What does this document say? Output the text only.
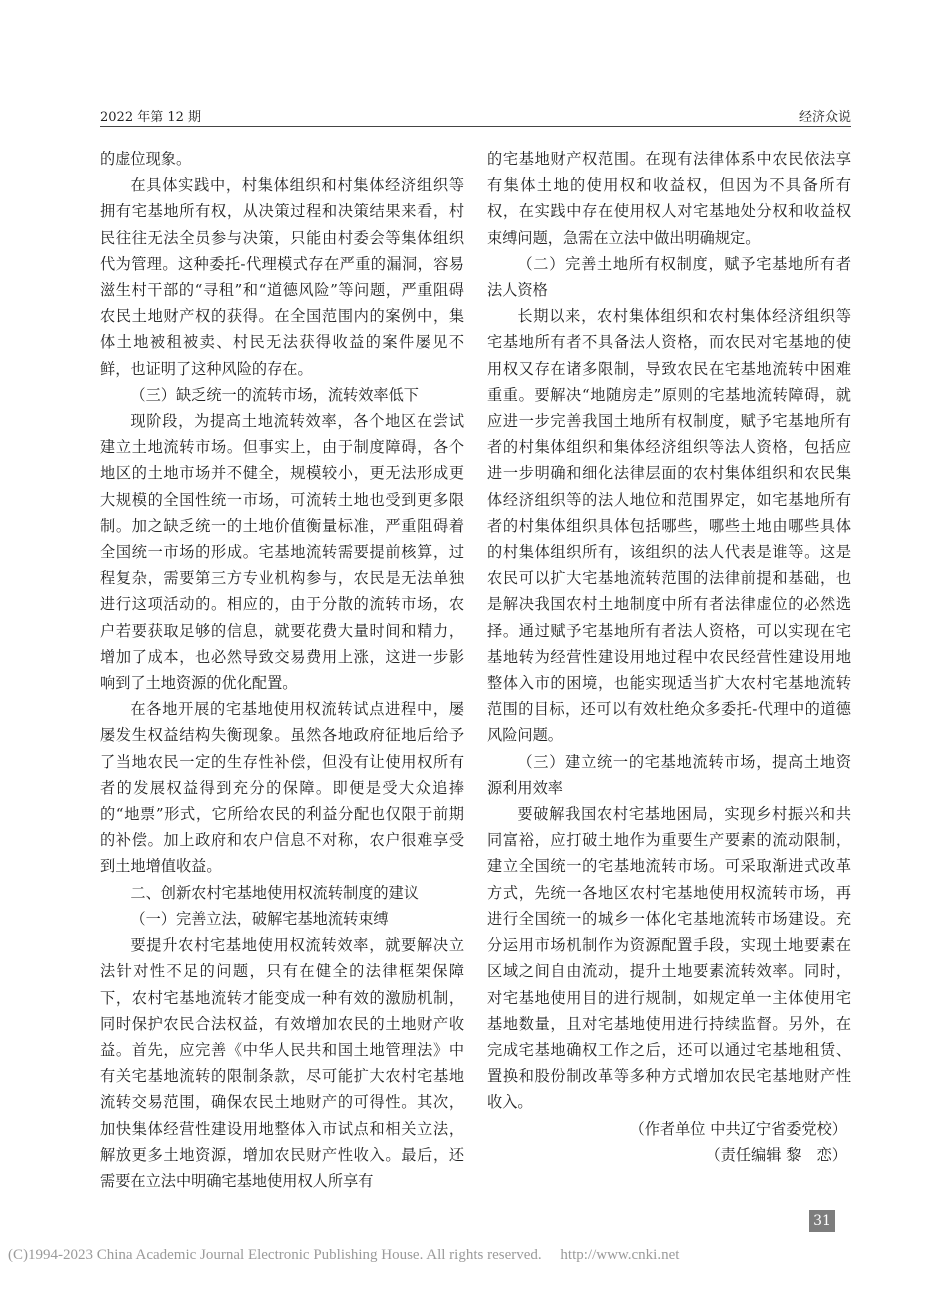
2022 年第 12 期	经济众说

的虚位现象。

在具体实践中，村集体组织和村集体经济组织等拥有宅基地所有权，从决策过程和决策结果来看，村民往往无法全员参与决策，只能由村委会等集体组织代为管理。这种委托-代理模式存在严重的漏洞，容易滋生村干部的“寻租”和“道德风险”等问题，严重阻碍农民土地财产权的获得。在全国范围内的案例中，集体土地被租被卖、村民无法获得收益的案件屡见不鲜，也证明了这种风险的存在。

（三）缺乏统一的流转市场，流转效率低下

现阶段，为提高土地流转效率，各个地区在尝试建立土地流转市场。但事实上，由于制度障碍，各个地区的土地市场并不健全，规模较小，更无法形成更大规模的全国性统一市场，可流转土地也受到更多限制。加之缺乏统一的土地价值衡量标准，严重阻碍着全国统一市场的形成。宅基地流转需要提前核算，过程复杂，需要第三方专业机构参与，农民是无法单独进行这项活动的。相应的，由于分散的流转市场，农户若要获取足够的信息，就要花费大量时间和精力，增加了成本，也必然导致交易费用上涨，这进一步影响到了土地资源的优化配置。

在各地开展的宅基地使用权流转试点进程中，屡屡发生权益结构失衡现象。虽然各地政府征地后给予了当地农民一定的生存性补偿，但没有让使用权所有者的发展权益得到充分的保障。即便是受大众追捧的“地票”形式，它所给农民的利益分配也仅限于前期的补偿。加上政府和农户信息不对称，农户很难享受到土地增值收益。

二、创新农村宅基地使用权流转制度的建议

（一）完善立法，破解宅基地流转束缚

要提升农村宅基地使用权流转效率，就要解决立法针对性不足的问题，只有在健全的法律框架保障下，农村宅基地流转才能变成一种有效的激励机制，同时保护农民合法权益，有效增加农民的土地财产收益。首先，应完善《中华人民共和国土地管理法》中有关宅基地流转的限制条款，尽可能扩大农村宅基地流转交易范围，确保农民土地财产的可得性。其次，加快集体经营性建设用地整体入市试点和相关立法，解放更多土地资源，增加农民财产性收入。最后，还需要在立法中明确宅基地使用权人所享有

的宅基地财产权范围。在现有法律体系中农民依法享有集体土地的使用权和收益权，但因为不具备所有权，在实践中存在使用权人对宅基地处分权和收益权束缚问题，急需在立法中做出明确规定。

（二）完善土地所有权制度，赋予宅基地所有者法人资格

长期以来，农村集体组织和农村集体经济组织等宅基地所有者不具备法人资格，而农民对宅基地的使用权又存在诸多限制，导致农民在宅基地流转中困难重重。要解决“地随房走”原则的宅基地流转障碍，就应进一步完善我国土地所有权制度，赋予宅基地所有者的村集体组织和集体经济组织等法人资格，包括应进一步明确和细化法律层面的农村集体组织和农民集体经济组织等的法人地位和范围界定，如宅基地所有者的村集体组织具体包括哪些，哪些土地由哪些具体的村集体组织所有，该组织的法人代表是谁等。这是农民可以扩大宅基地流转范围的法律前提和基础，也是解决我国农村土地制度中所有者法律虚位的必然选择。通过赋予宅基地所有者法人资格，可以实现在宅基地转为经营性建设用地过程中农民经营性建设用地整体入市的困境，也能实现适当扩大农村宅基地流转范围的目标，还可以有效杜绝众多委托-代理中的道德风险问题。

（三）建立统一的宅基地流转市场，提高土地资源利用效率

要破解我国农村宅基地困局，实现乡村振兴和共同富裕，应打破土地作为重要生产要素的流动限制，建立全国统一的宅基地流转市场。可采取渐进式改革方式，先统一各地区农村宅基地使用权流转市场，再进行全国统一的城乡一体化宅基地流转市场建设。充分运用市场机制作为资源配置手段，实现土地要素在区域之间自由流动，提升土地要素流转效率。同时，对宅基地使用目的进行规制，如规定单一主体使用宅基地数量，且对宅基地使用进行持续监督。另外，在完成宅基地确权工作之后，还可以通过宅基地租赁、置换和股份制改革等多种方式增加农民宅基地财产性收入。

（作者单位 中共辽宁省委党校）

（责任编辑 黎　恋）

31
(C)1994-2023 China Academic Journal Electronic Publishing House. All rights reserved.　 http://www.cnki.net
